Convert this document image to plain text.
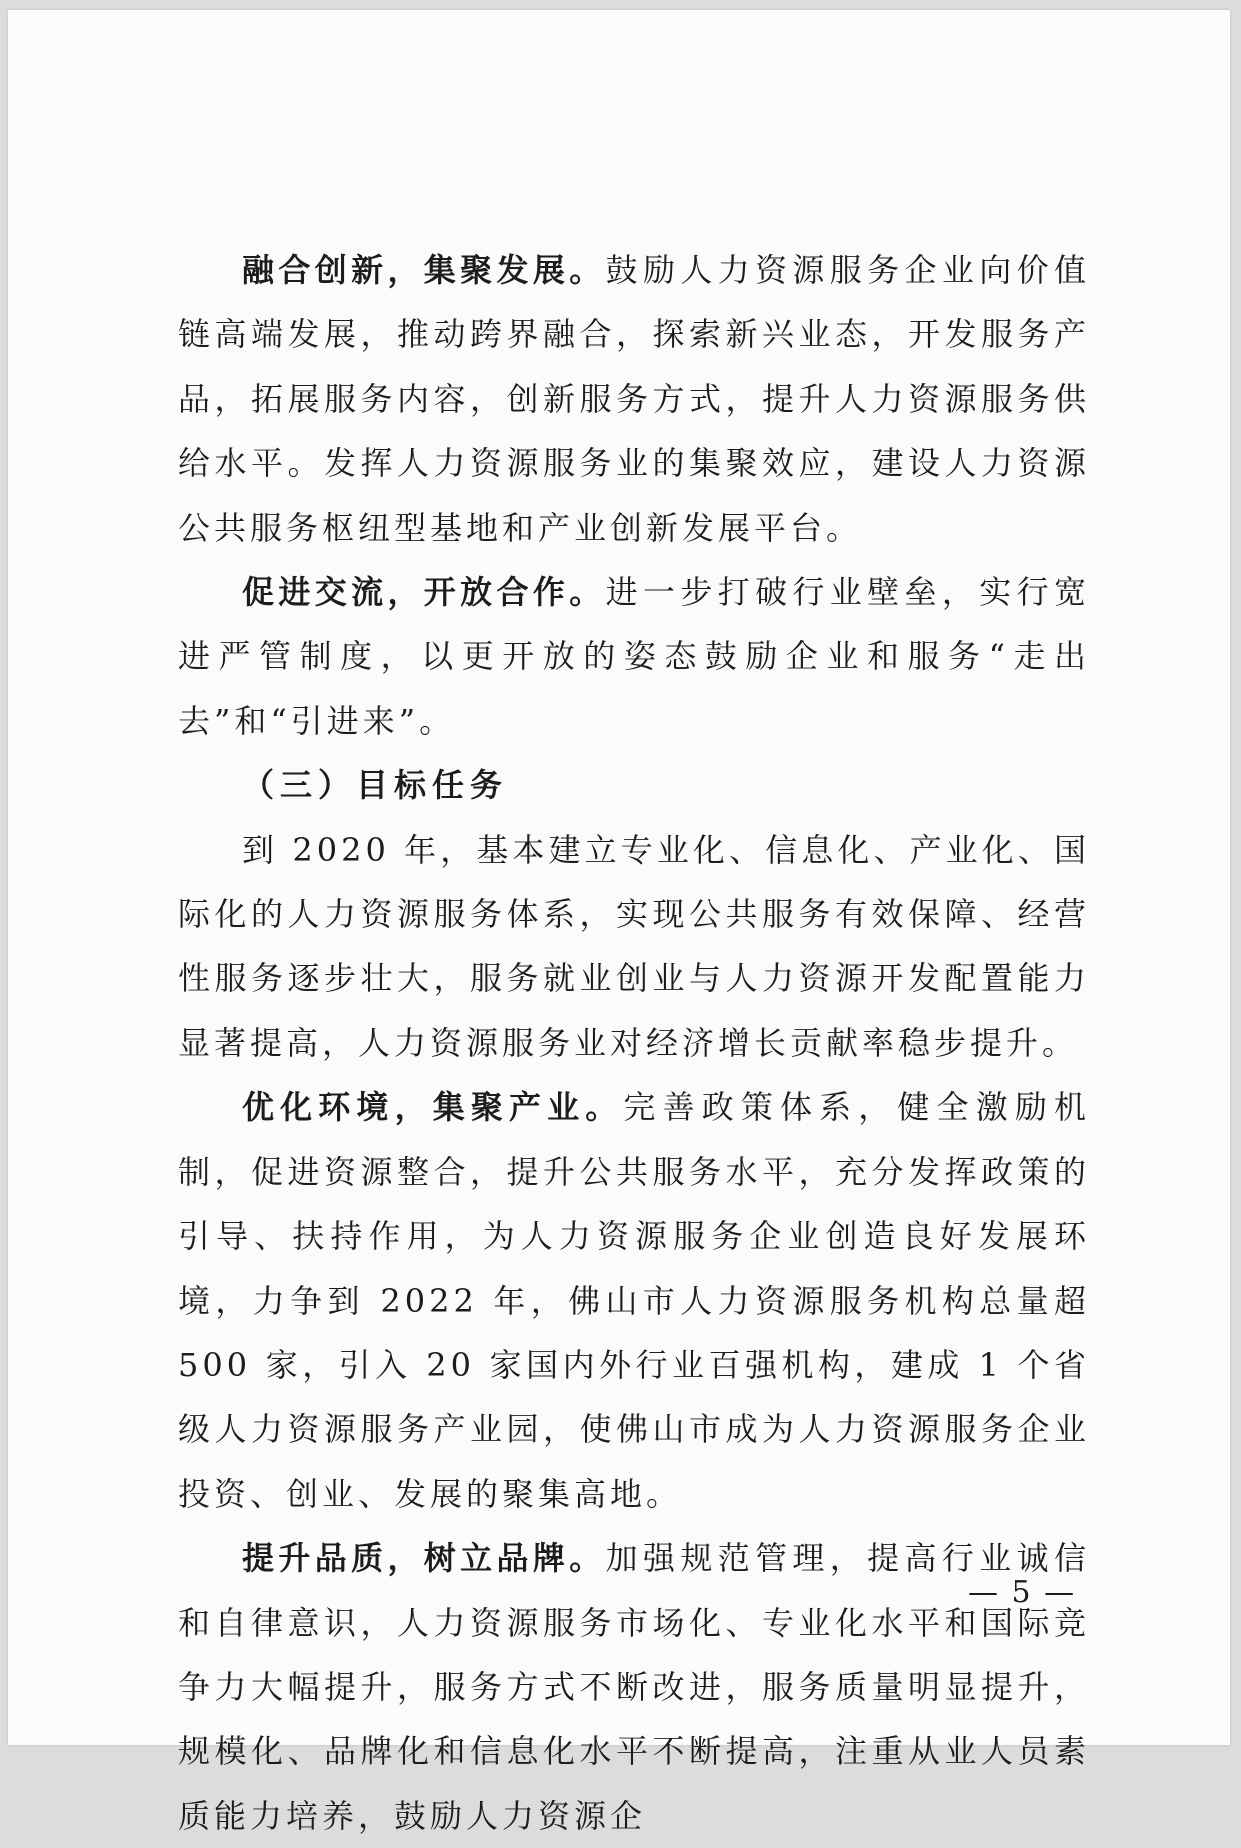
融合创新，集聚发展。鼓励人力资源服务企业向价值链高端发展，推动跨界融合，探索新兴业态，开发服务产品，拓展服务内容，创新服务方式，提升人力资源服务供给水平。发挥人力资源服务业的集聚效应，建设人力资源公共服务枢纽型基地和产业创新发展平台。

促进交流，开放合作。进一步打破行业壁垒，实行宽进严管制度，以更开放的姿态鼓励企业和服务“走出去”和“引进来”。

（三）目标任务

到 2020 年，基本建立专业化、信息化、产业化、国际化的人力资源服务体系，实现公共服务有效保障、经营性服务逐步壮大，服务就业创业与人力资源开发配置能力显著提高，人力资源服务业对经济增长贡献率稳步提升。

优化环境，集聚产业。完善政策体系，健全激励机制，促进资源整合，提升公共服务水平，充分发挥政策的引导、扶持作用，为人力资源服务企业创造良好发展环境，力争到 2022 年，佛山市人力资源服务机构总量超 500 家，引入 20 家国内外行业百强机构，建成 1 个省级人力资源服务产业园，使佛山市成为人力资源服务企业投资、创业、发展的聚集高地。

提升品质，树立品牌。加强规范管理，提高行业诚信和自律意识，人力资源服务市场化、专业化水平和国际竞争力大幅提升，服务方式不断改进，服务质量明显提升，规模化、品牌化和信息化水平不断提高，注重从业人员素质能力培养，鼓励人力资源企

— 5 —
